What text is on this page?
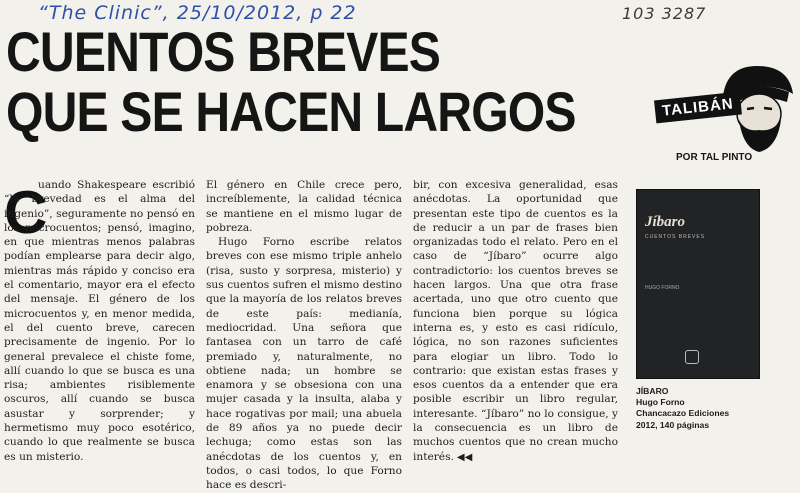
“The Clinic”, 25/10/2012, p 22	103 3287
CUENTOS BREVES
QUE SE HACEN LARGOS	TALIBÁN
POR TAL PINTO
C

uando Shakespeare escribió “la brevedad es el alma del ingenio”, seguramente no pensó en los microcuentos; pensó, imagino, en que mientras menos palabras podían emplearse para decir algo, mientras más rápido y conciso era el comentario, mayor era el efecto del mensaje. El género de los microcuentos y, en menor medida, el del cuento breve, carecen precisamente de ingenio. Por lo general prevalece el chiste fome, allí cuando lo que se busca es una risa; ambientes risiblemente oscuros, allí cuando se busca asustar y sorprender; y hermetismo muy poco esotérico, cuando lo que realmente se busca es un misterio.

El género en Chile crece pero, increíblemente, la calidad técnica se mantiene en el mismo lugar de pobreza.

Hugo Forno escribe relatos breves con ese mismo triple anhelo (risa, susto y sorpresa, misterio) y sus cuentos sufren el mismo destino que la mayoría de los relatos breves de este país: medianía, mediocridad. Una señora que fantasea con un tarro de café premiado y, naturalmente, no obtiene nada; un hombre se enamora y se obsesiona con una mujer casada y la insulta, alaba y hace rogativas por mail; una abuela de 89 años ya no puede decir lechuga; como estas son las anécdotas de los cuentos y, en todos, o casi todos, lo que Forno hace es descri-

bir, con excesiva generalidad, esas anécdotas. La oportunidad que presentan este tipo de cuentos es la de reducir a un par de frases bien organizadas todo el relato. Pero en el caso de “Jíbaro” ocurre algo contradictorio: los cuentos breves se hacen largos. Una que otra frase acertada, uno que otro cuento que funciona bien porque su lógica interna es, y esto es casi ridículo, lógica, no son razones suficientes para elogiar un libro. Todo lo contrario: que existan estas frases y esos cuentos da a entender que era posible escribir un libro regular, interesante. “Jíbaro” no lo consigue, y la consecuencia es un libro de muchos cuentos que no crean mucho interés. ◀◀

Jíbaro
CUENTOS BREVES
HUGO FORNO
JÍBARO
Hugo Forno
Chancacazo Ediciones
2012, 140 páginas
